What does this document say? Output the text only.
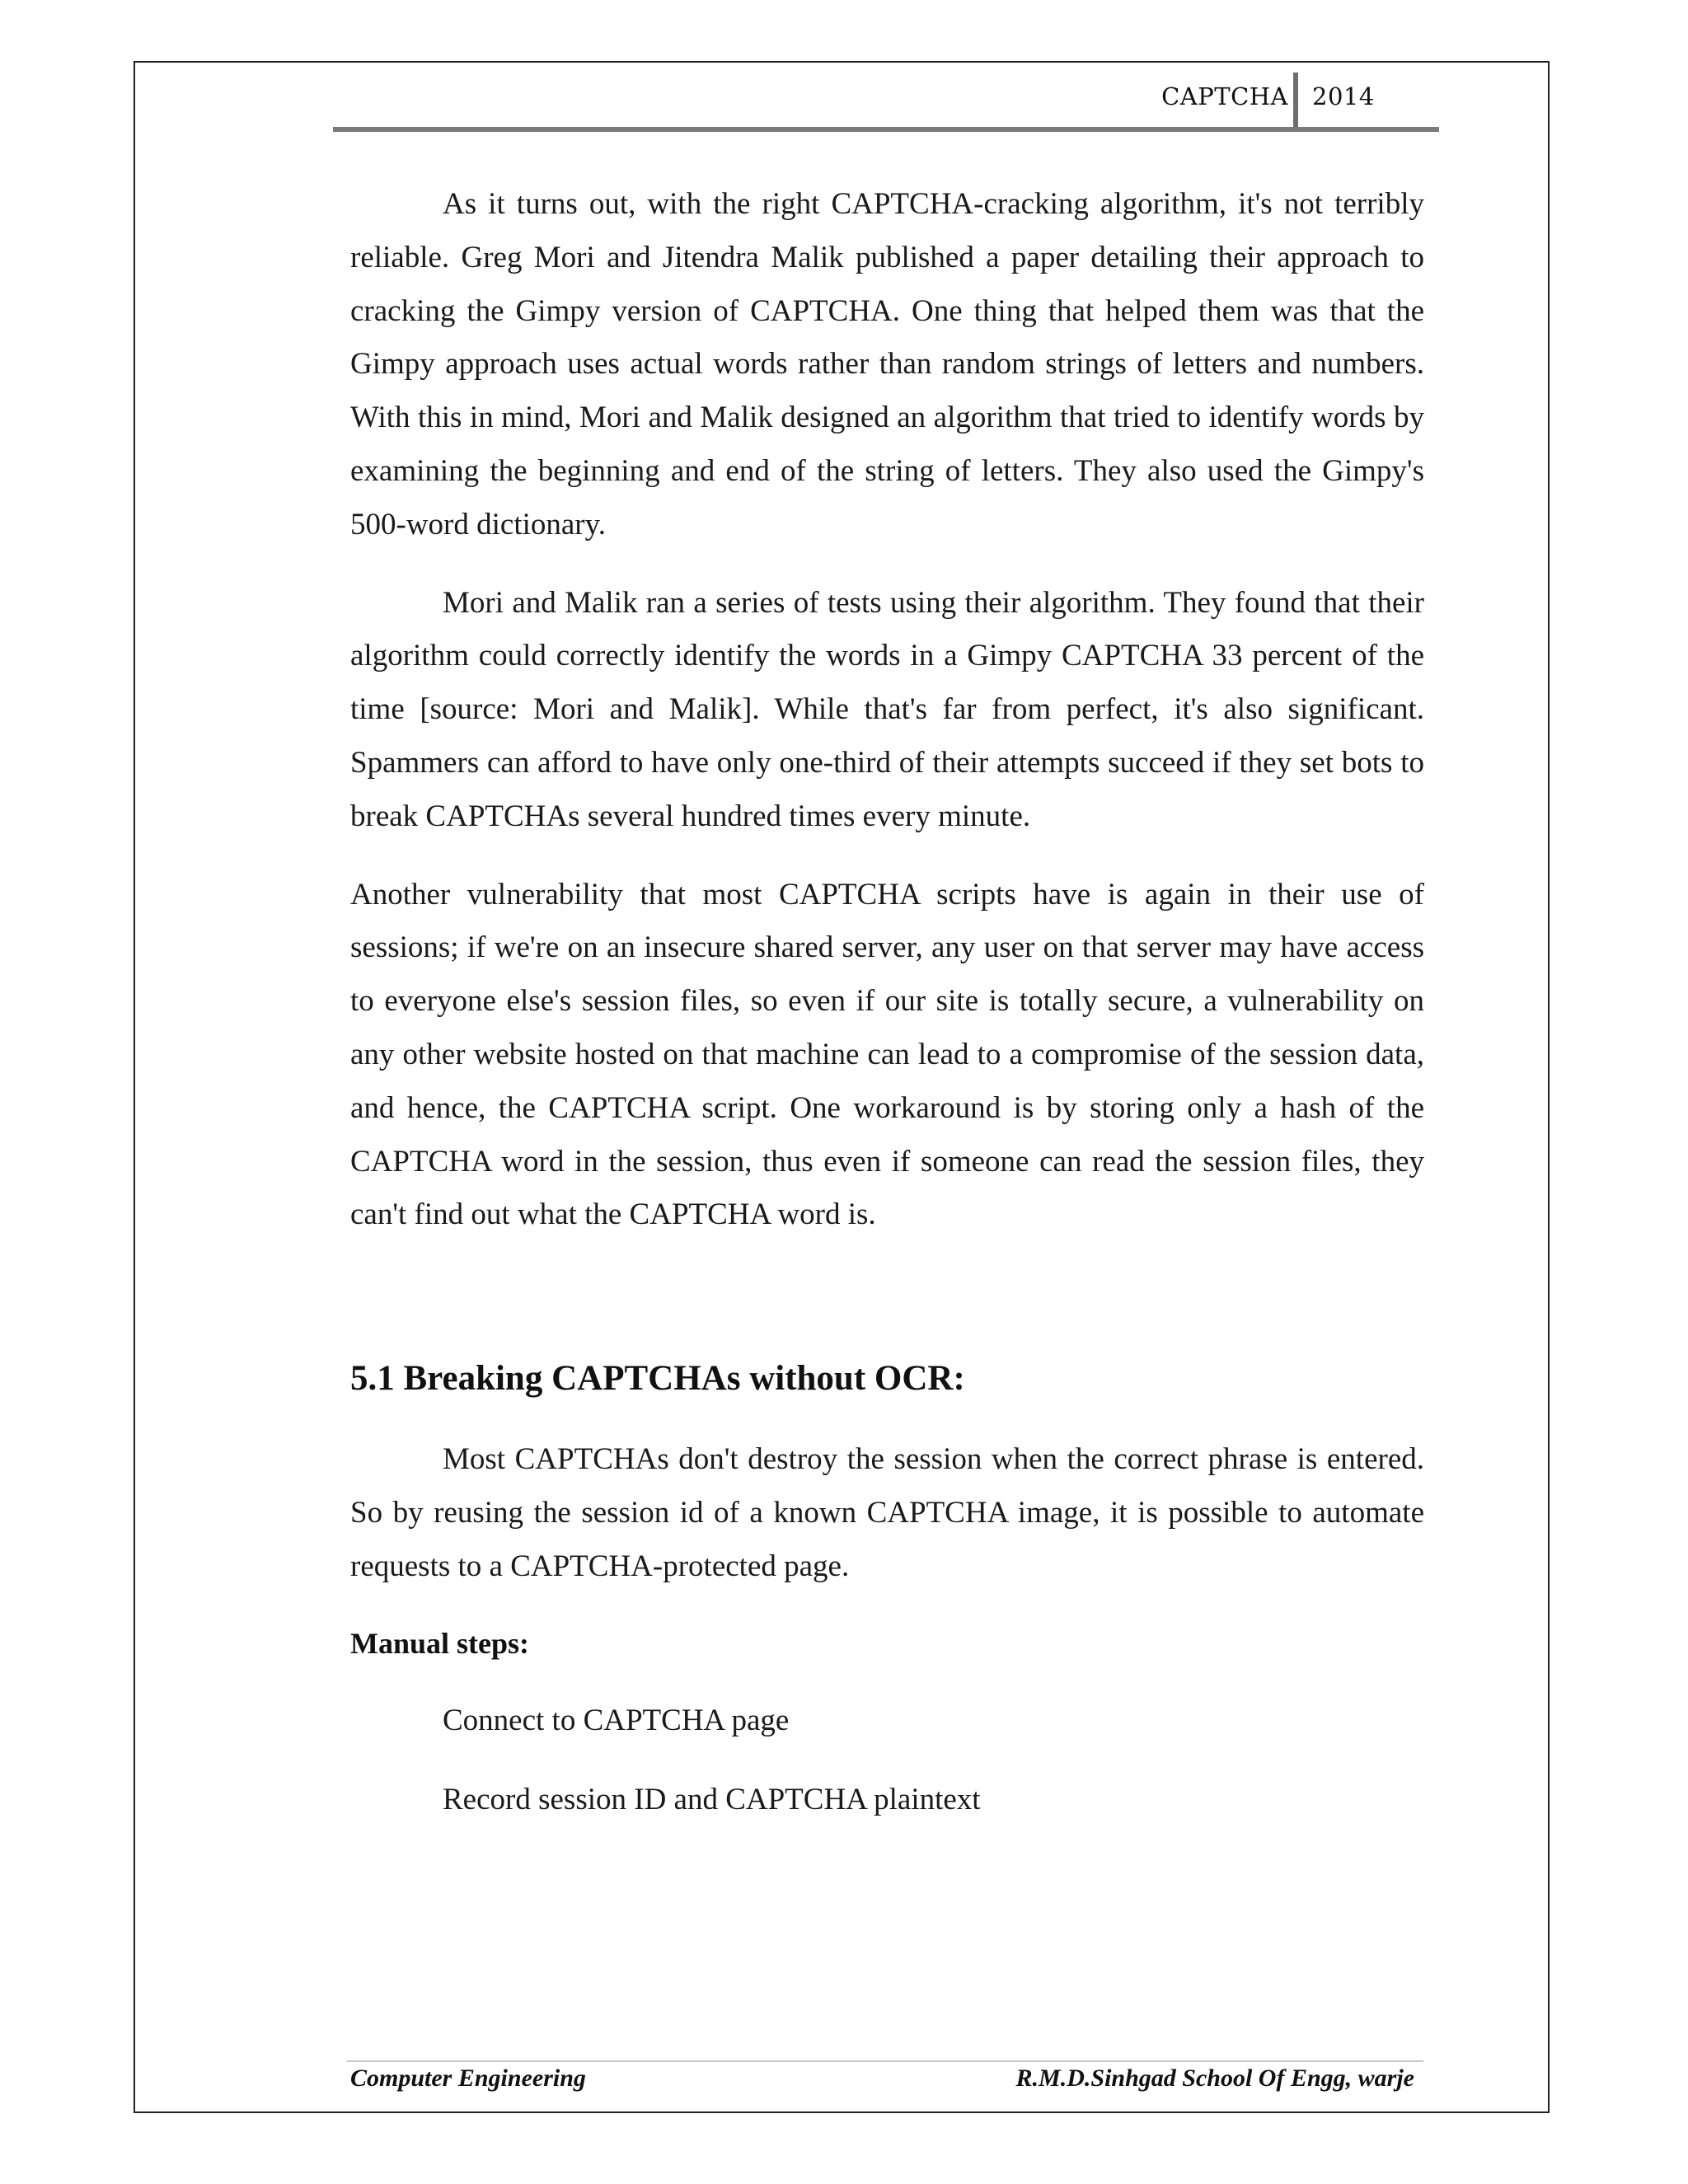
CAPTCHA 2014

As it turns out, with the right CAPTCHA-cracking algorithm, it's not terribly reliable. Greg Mori and Jitendra Malik published a paper detailing their approach to cracking the Gimpy version of CAPTCHA. One thing that helped them was that the Gimpy approach uses actual words rather than random strings of letters and numbers. With this in mind, Mori and Malik designed an algorithm that tried to identify words by examining the beginning and end of the string of letters. They also used the Gimpy's 500-word dictionary.

Mori and Malik ran a series of tests using their algorithm. They found that their algorithm could correctly identify the words in a Gimpy CAPTCHA 33 percent of the time [source: Mori and Malik]. While that's far from perfect, it's also significant. Spammers can afford to have only one-third of their attempts succeed if they set bots to break CAPTCHAs several hundred times every minute.

Another vulnerability that most CAPTCHA scripts have is again in their use of sessions; if we're on an insecure shared server, any user on that server may have access to everyone else's session files, so even if our site is totally secure, a vulnerability on any other website hosted on that machine can lead to a compromise of the session data, and hence, the CAPTCHA script. One workaround is by storing only a hash of the CAPTCHA word in the session, thus even if someone can read the session files, they can't find out what the CAPTCHA word is.

5.1 Breaking CAPTCHAs without OCR:

Most CAPTCHAs don't destroy the session when the correct phrase is entered. So by reusing the session id of a known CAPTCHA image, it is possible to automate requests to a CAPTCHA-protected page.

Manual steps:

Connect to CAPTCHA page

Record session ID and CAPTCHA plaintext

Computer Engineering	R.M.D.Sinhgad School Of Engg, warje
